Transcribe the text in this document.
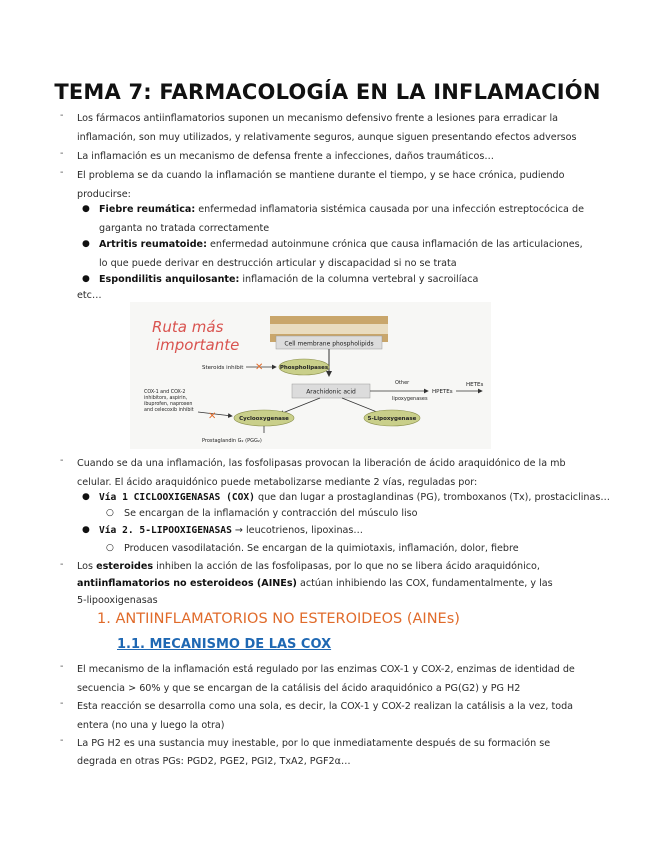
TEMA 7: FARMACOLOGÍA EN LA INFLAMACIÓN
- Los fármacos antiinflamatorios suponen un mecanismo defensivo frente a lesiones para erradicar la
inflamación, son muy utilizados, y relativamente seguros, aunque siguen presentando efectos adversos
- La inflamación es un mecanismo de defensa frente a infecciones, daños traumáticos…
- El problema se da cuando la inflamación se mantiene durante el tiempo, y se hace crónica, pudiendo
producirse:
● Fiebre reumática: enfermedad inflamatoria sistémica causada por una infección estreptocócica de
garganta no tratada correctamente
● Artritis reumatoide: enfermedad autoinmune crónica que causa inflamación de las articulaciones,
lo que puede derivar en destrucción articular y discapacidad si no se trata
● Espondilitis anquilosante: inflamación de la columna vertebral y sacroilíaca
etc…
Ruta más
importante	Cell membrane phospholipids
Steroids inhibit ✕	Phospholipases
Arachidonic acid
Other
lipoxygenases
HPETEs
HETEs
COX-1 and COX-2
inhibitors, aspirin,
ibuprofen, naproxen
and celecoxib inhibit
✕	Cyclooxygenase	5-Lipoxygenase
Prostaglandin G₂ (PGG₂)
- Cuando se da una inflamación, las fosfolipasas provocan la liberación de ácido araquidónico de la mb
celular. El ácido araquidónico puede metabolizarse mediante 2 vías, reguladas por:
● Vía 1 CICLOOXIGENASAS (COX) que dan lugar a prostaglandinas (PG), tromboxanos (Tx), prostaciclinas…
○ Se encargan de la inflamación y contracción del músculo liso
● Vía 2. 5-LIPOOXIGENASAS → leucotrienos, lipoxinas…
○ Producen vasodilatación. Se encargan de la quimiotaxis, inflamación, dolor, fiebre
- Los esteroides inhiben la acción de las fosfolipasas, por lo que no se libera ácido araquidónico,
antiinflamatorios no esteroideos (AINEs) actúan inhibiendo las COX, fundamentalmente, y las
5-lipooxigenasas
1. ANTIINFLAMATORIOS NO ESTEROIDEOS (AINEs)
1.1. MECANISMO DE LAS COX
- El mecanismo de la inflamación está regulado por las enzimas COX-1 y COX-2, enzimas de identidad de
secuencia > 60% y que se encargan de la catálisis del ácido araquidónico a PG(G2) y PG H2
- Esta reacción se desarrolla como una sola, es decir, la COX-1 y COX-2 realizan la catálisis a la vez, toda
entera (no una y luego la otra)
- La PG H2 es una sustancia muy inestable, por lo que inmediatamente después de su formación se
degrada en otras PGs: PGD2, PGE2, PGI2, TxA2, PGF2α…
